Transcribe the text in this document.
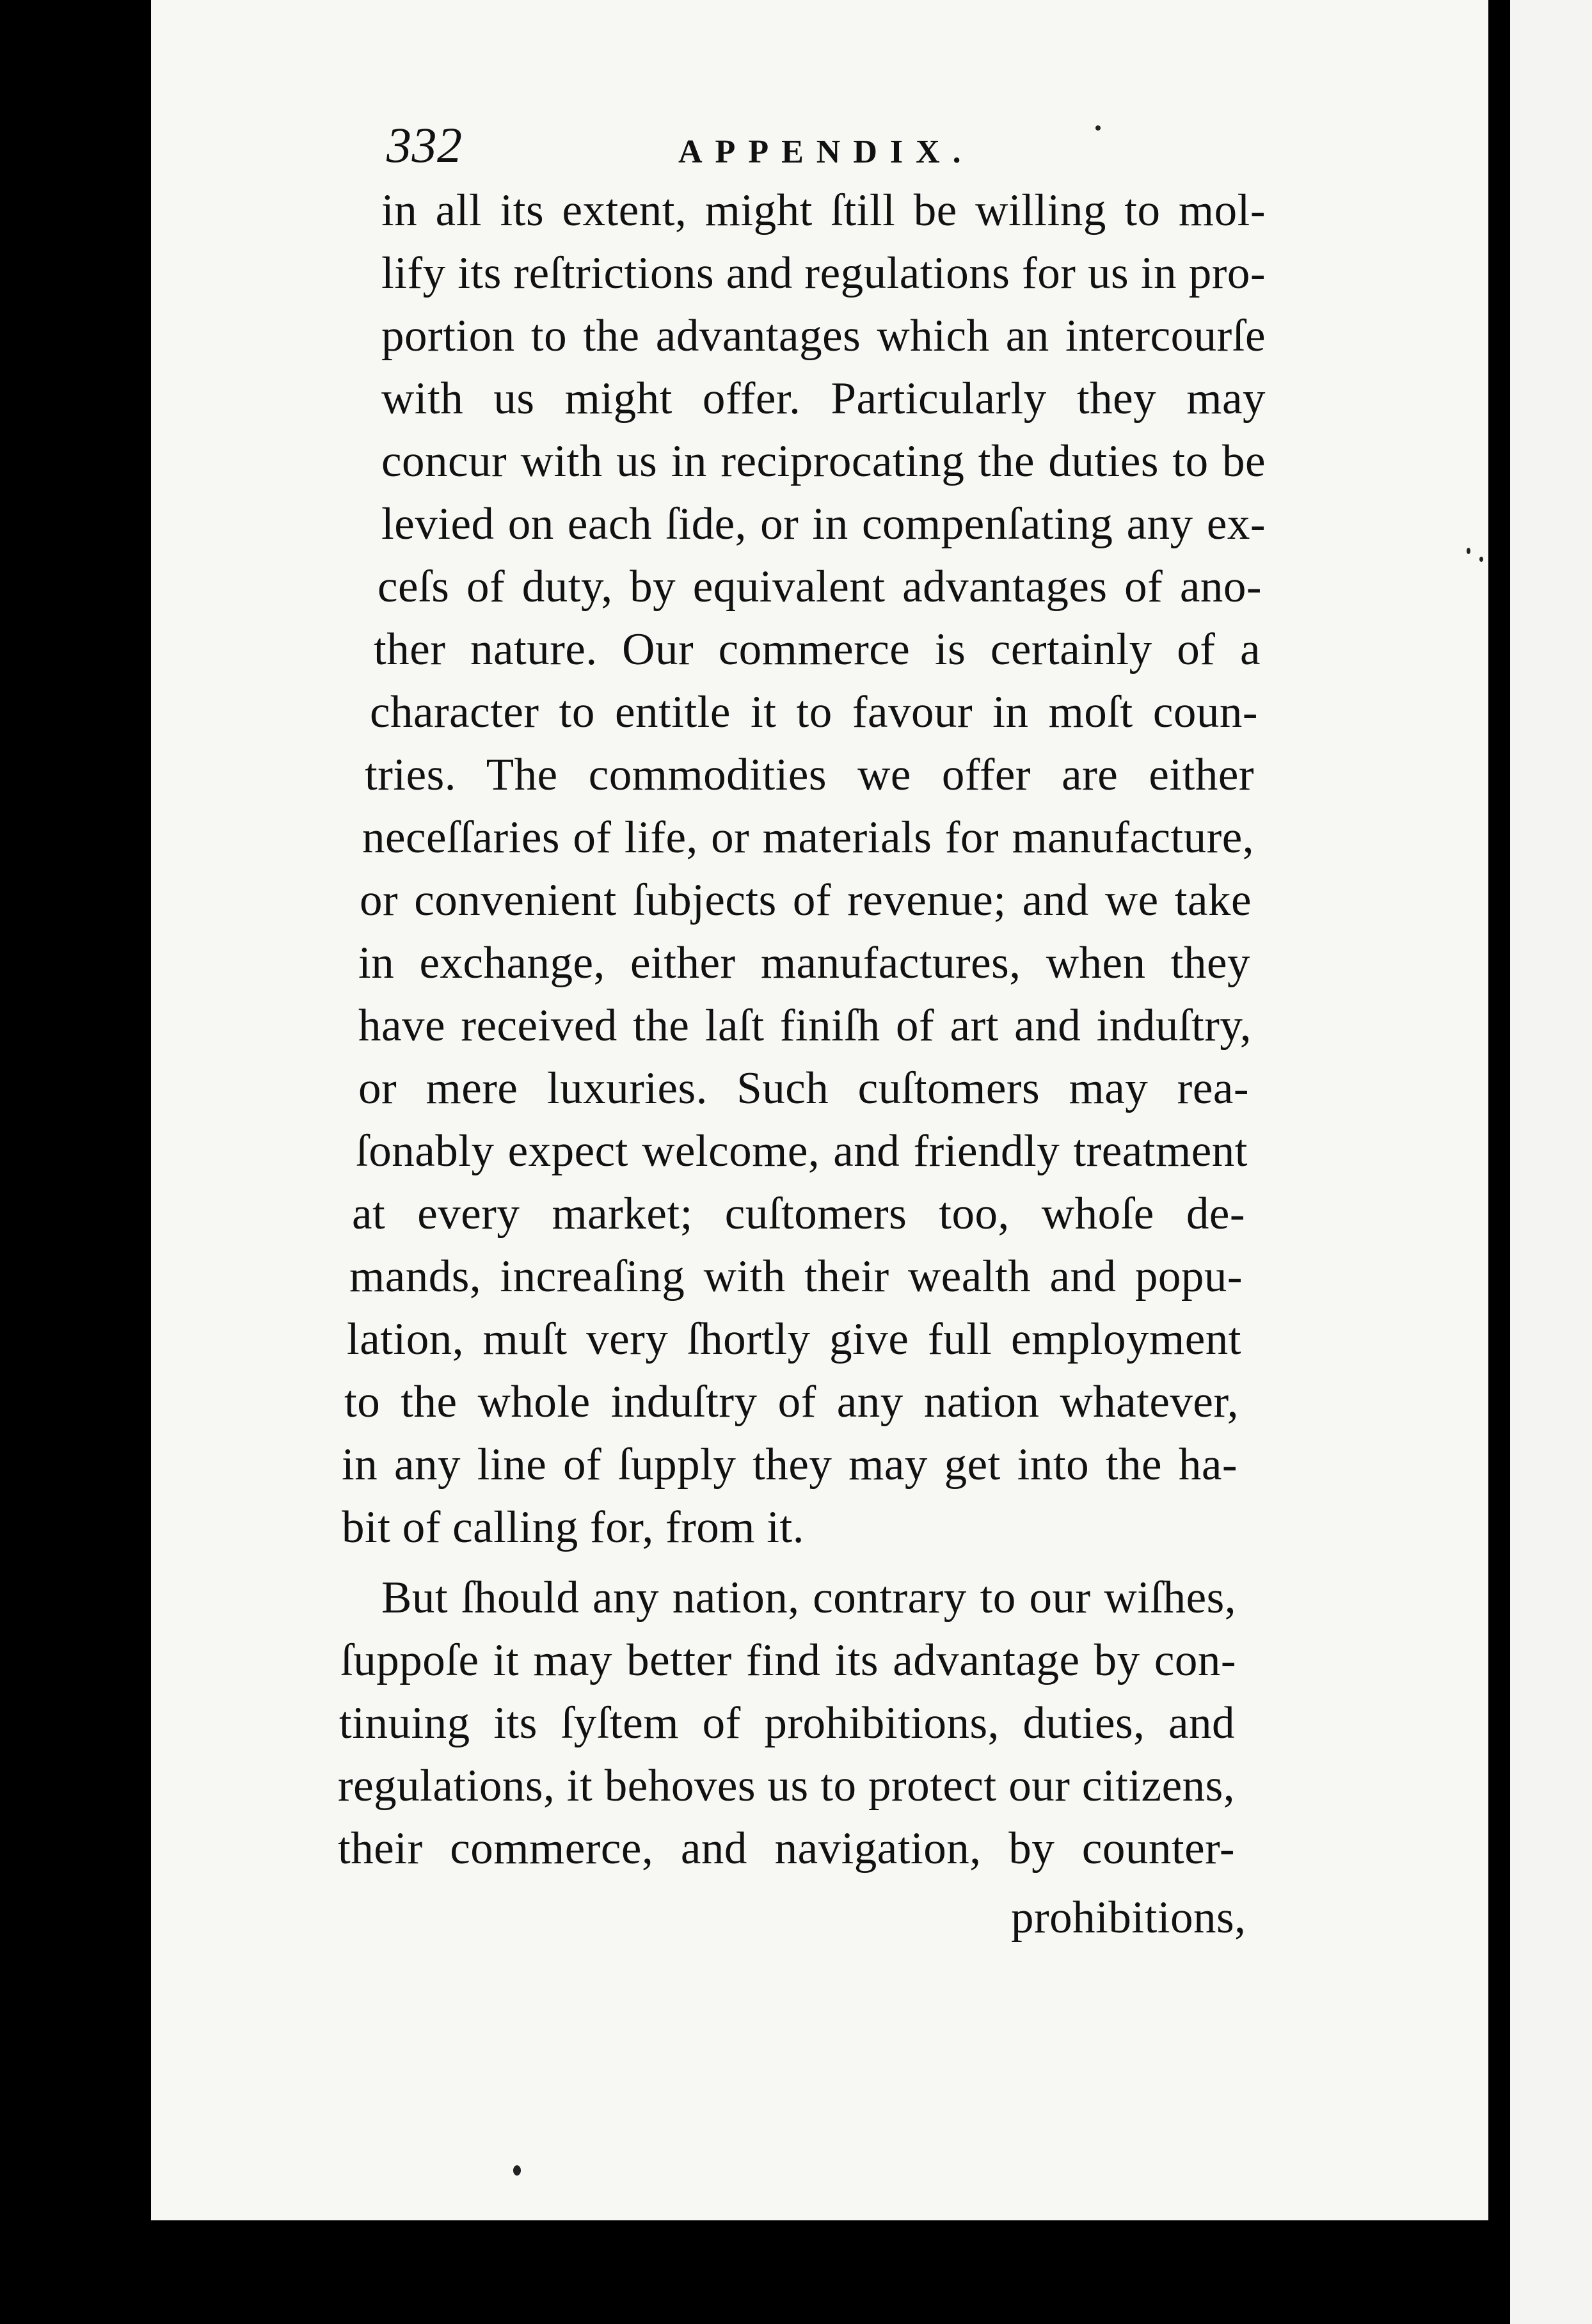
332	APPENDIX.
in all its extent, might ſtill be willing to mol-
lify its reſtrictions and regulations for us in pro-
portion to the advantages which an intercourſe
with us might offer. Particularly they may
concur with us in reciprocating the duties to be
levied on each ſide, or in compenſating any ex-
ceſs of duty, by equivalent advantages of ano-
ther nature. Our commerce is certainly of a
character to entitle it to favour in moſt coun-
tries. The commodities we offer are either
neceſſaries of life, or materials for manufacture,
or convenient ſubjects of revenue; and we take
in exchange, either manufactures, when they
have received the laſt finiſh of art and induſtry,
or mere luxuries. Such cuſtomers may rea-
ſonably expect welcome, and friendly treatment
at every market; cuſtomers too, whoſe de-
mands, increaſing with their wealth and popu-
lation, muſt very ſhortly give full employment
to the whole induſtry of any nation whatever,
in any line of ſupply they may get into the ha-
bit of calling for, from it.
But ſhould any nation, contrary to our wiſhes,
ſuppoſe it may better find its advantage by con-
tinuing its ſyſtem of prohibitions, duties, and
regulations, it behoves us to protect our citizens,
their commerce, and navigation, by counter-
prohibitions,
